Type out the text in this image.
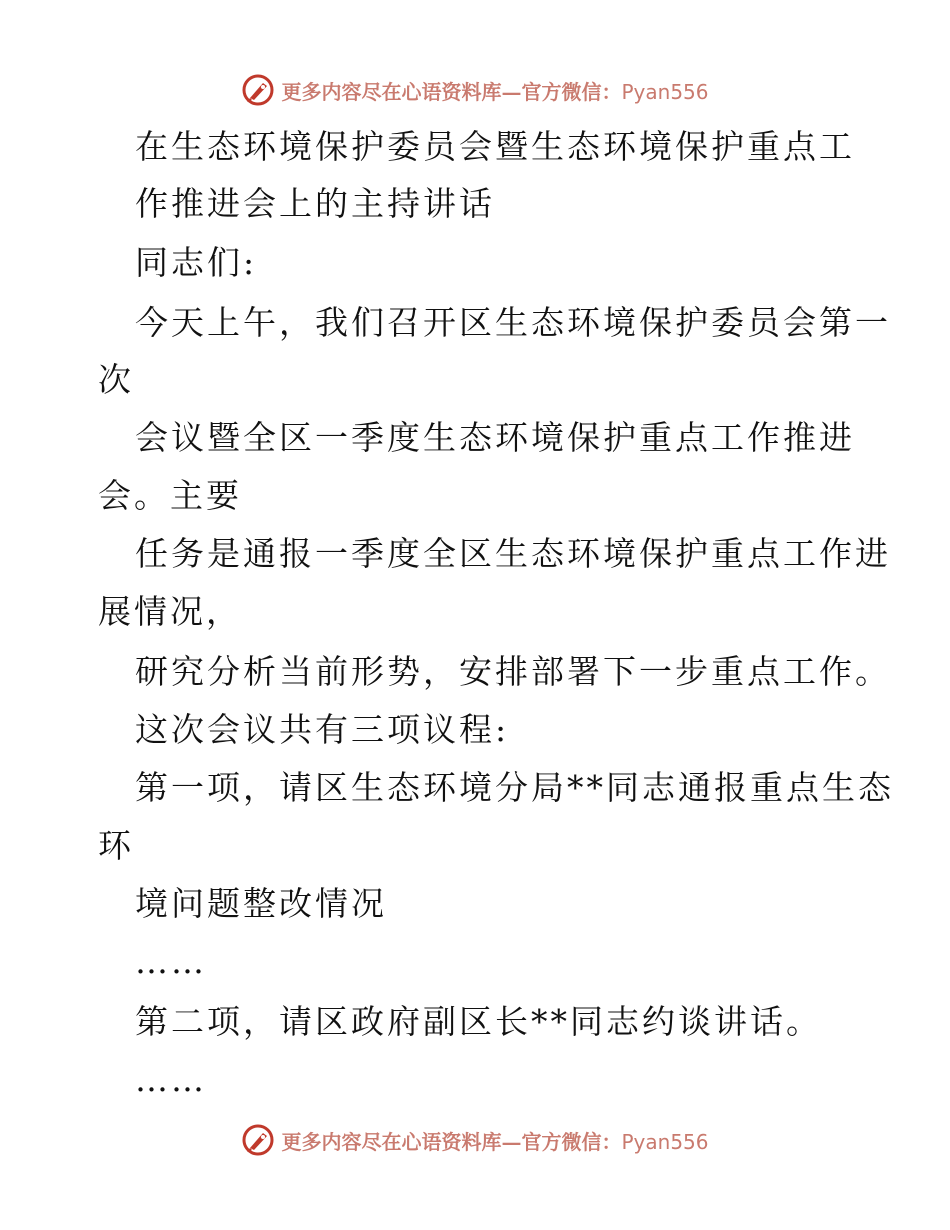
更多内容尽在心语资料库—官方微信：Pyan556
在生态环境保护委员会暨生态环境保护重点工
作推进会上的主持讲话
同志们:
今天上午，我们召开区生态环境保护委员会第一
次
会议暨全区一季度生态环境保护重点工作推进
会。主要
任务是通报一季度全区生态环境保护重点工作进
展情况，
研究分析当前形势，安排部署下一步重点工作。
这次会议共有三项议程:
第一项，请区生态环境分局**同志通报重点生态
环
境问题整改情况
……
第二项，请区政府副区长**同志约谈讲话。
……
更多内容尽在心语资料库—官方微信：Pyan556
